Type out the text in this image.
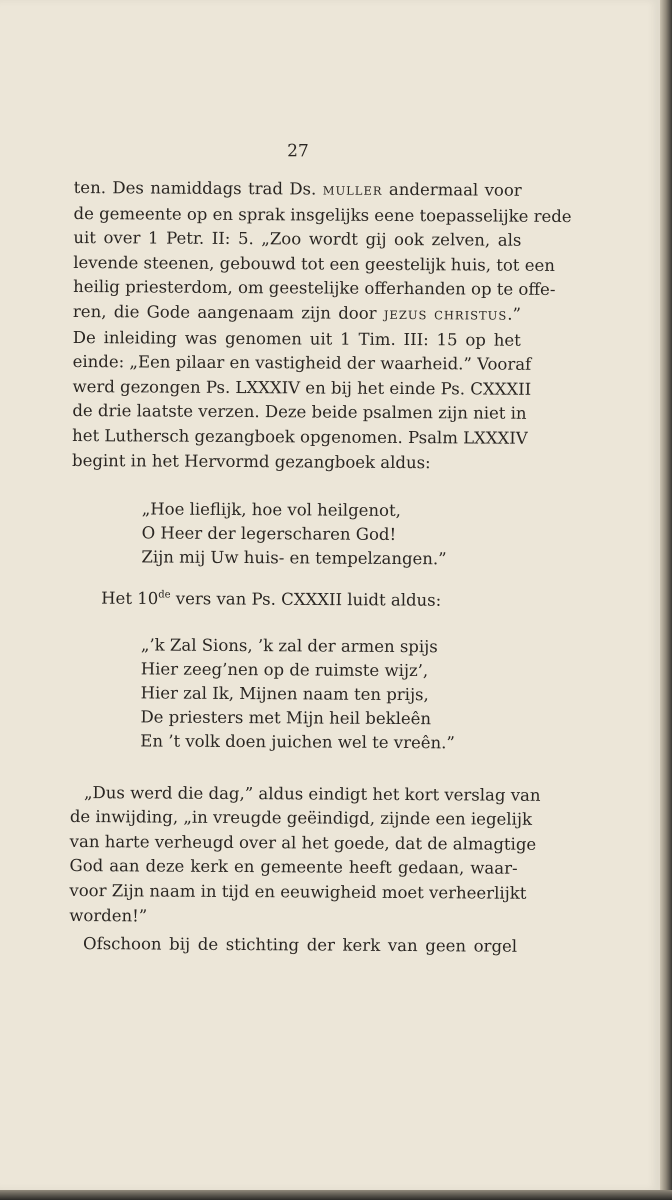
27
ten. Des namiddags trad Ds. MULLER andermaal voor
de gemeente op en sprak insgelijks eene toepasselijke rede
uit over 1 Petr. II: 5. „Zoo wordt gij ook zelven, als
levende steenen, gebouwd tot een geestelijk huis, tot een
heilig priesterdom, om geestelijke offerhanden op te offe-
ren, die Gode aangenaam zijn door JEZUS CHRISTUS.”
De inleiding was genomen uit 1 Tim. III: 15 op het
einde: „Een pilaar en vastigheid der waarheid.” Vooraf
werd gezongen Ps. LXXXIV en bij het einde Ps. CXXXII
de drie laatste verzen. Deze beide psalmen zijn niet in
het Luthersch gezangboek opgenomen. Psalm LXXXIV
begint in het Hervormd gezangboek aldus:
„Hoe lieflijk, hoe vol heilgenot,
O Heer der legerscharen God!
Zijn mij Uw huis- en tempelzangen.”
Het 10de vers van Ps. CXXXII luidt aldus:
„’k Zal Sions, ’k zal der armen spijs
Hier zeeg’nen op de ruimste wijz’,
Hier zal Ik, Mijnen naam ten prijs,
De priesters met Mijn heil bekleên
En ’t volk doen juichen wel te vreên.”
„Dus werd die dag,” aldus eindigt het kort verslag van
de inwijding, „in vreugde geëindigd, zijnde een iegelijk
van harte verheugd over al het goede, dat de almagtige
God aan deze kerk en gemeente heeft gedaan, waar-
voor Zijn naam in tijd en eeuwigheid moet verheerlijkt
worden!”
Ofschoon bij de stichting der kerk van geen orgel
